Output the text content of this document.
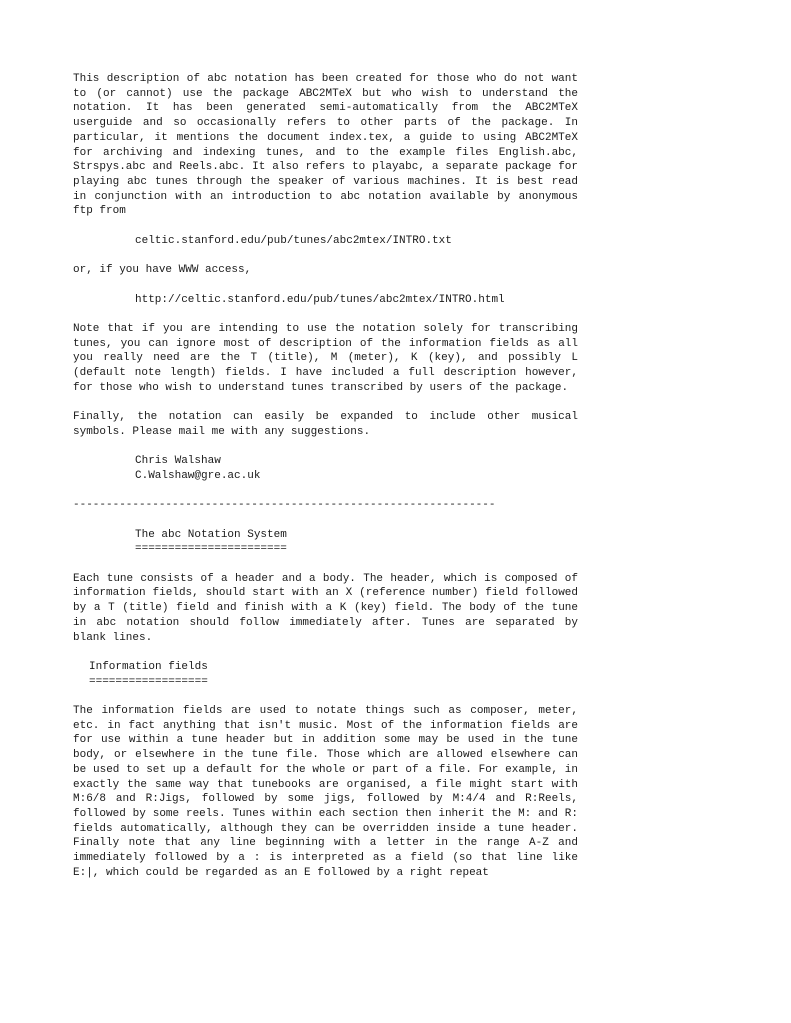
This description of abc notation has been created for those who do not want to (or cannot) use the package ABC2MTeX but who wish to understand the notation. It has been generated semi-automatically from the ABC2MTeX userguide and so occasionally refers to other parts of the package. In particular, it mentions the document index.tex, a guide to using ABC2MTeX for archiving and indexing tunes, and to the example files English.abc, Strspys.abc and Reels.abc. It also refers to playabc, a separate package for playing abc tunes through the speaker of various machines. It is best read in conjunction with an introduction to abc notation available by anonymous ftp from

celtic.stanford.edu/pub/tunes/abc2mtex/INTRO.txt
or, if you have WWW access,
http://celtic.stanford.edu/pub/tunes/abc2mtex/INTRO.html

Note that if you are intending to use the notation solely for transcribing tunes, you can ignore most of description of the information fields as all you really need are the T (title), M (meter), K (key), and possibly L (default note length) fields. I have included a full description however, for those who wish to understand tunes transcribed by users of the package.

Finally, the notation can easily be expanded to include other musical symbols. Please mail me with any suggestions.

Chris Walshaw
C.Walshaw@gre.ac.uk
----------------------------------------------------------------
The abc Notation System
=======================

Each tune consists of a header and a body. The header, which is composed of information fields, should start with an X (reference number) field followed by a T (title) field and finish with a K (key) field. The body of the tune in abc notation should follow immediately after. Tunes are separated by blank lines.

Information fields
==================

The information fields are used to notate things such as composer, meter, etc. in fact anything that isn't music. Most of the information fields are for use within a tune header but in addition some may be used in the tune body, or elsewhere in the tune file. Those which are allowed elsewhere can be used to set up a default for the whole or part of a file. For example, in exactly the same way that tunebooks are organised, a file might start with M:6/8 and R:Jigs, followed by some jigs, followed by M:4/4 and R:Reels, followed by some reels. Tunes within each section then inherit the M: and R: fields automatically, although they can be overridden inside a tune header. Finally note that any line beginning with a letter in the range A-Z and immediately followed by a : is interpreted as a field (so that line like E:|, which could be regarded as an E followed by a right repeat
